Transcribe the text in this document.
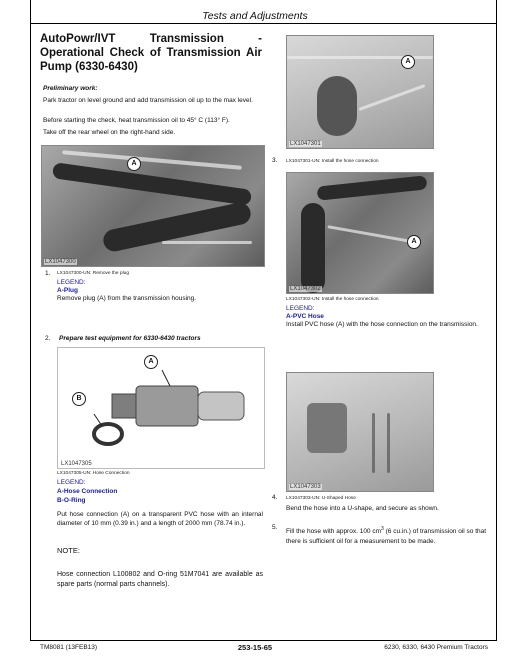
Tests and Adjustments
AutoPowr/IVT Transmission - Operational Check of Transmission Air Pump (6330-6430)
Preliminary work:
Park tractor on level ground and add transmission oil up to the max level.
Before starting the check, heat transmission oil to 45° C (113° F).
Take off the rear wheel on the right-hand side.
LX1047300
A
1. LX1047300-UN: Remove the plug
LEGEND:
A-Plug
Remove plug (A) from the transmission housing.
2. Prepare test equipment for 6330-6430 tractors
LX1047305
A
B
LX1047305-UN: Hose Connection
LEGEND:
A-Hose Connection
B-O-Ring
Put hose connection (A) on a transparent PVC hose with an internal diameter of 10 mm (0.39 in.) and a length of 2000 mm (78.74 in.).
NOTE:
Hose connection L100802 and O-ring 51M7041 are available as spare parts (normal parts channels).
LX1047301
A
3. LX1047301-UN: Install the hose connection
LX1047302
A
LX1047302-UN: Install the hose connection
LEGEND:
A-PVC Hose
Install PVC hose (A) with the hose connection on the transmission.
LX1047303
4. LX1047303-UN: U-Shaped Hose
Bend the hose into a U-shape, and secure as shown.
5.
Fill the hose with approx. 100 $cm^3$ (6 cu.in.) of transmission oil so that there is sufficient oil for a measurement to be made.
TM8081 (13FEB13)	253-15-65	6230, 6330, 6430 Premium Tractors
